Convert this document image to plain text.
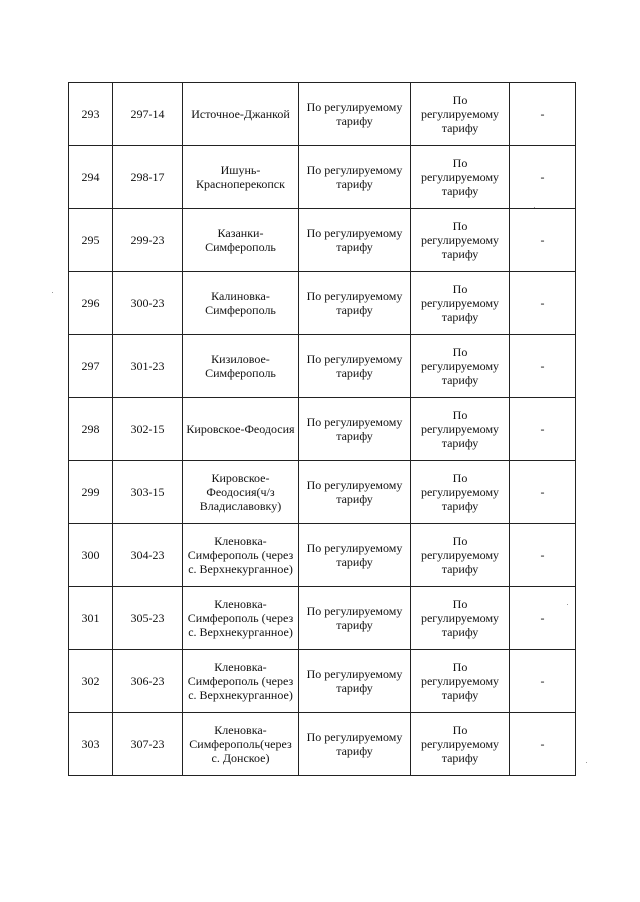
293	297-14	Источное-Джанкой	По регулируемому тарифу	По регулируемому тарифу	-
294	298-17	Ишунь-Красноперекопск	По регулируемому тарифу	По регулируемому тарифу	-
295	299-23	Казанки-Симферополь	По регулируемому тарифу	По регулируемому тарифу	-
296	300-23	Калиновка-Симферополь	По регулируемому тарифу	По регулируемому тарифу	-
297	301-23	Кизиловое-Симферополь	По регулируемому тарифу	По регулируемому тарифу	-
298	302-15	Кировское-Феодосия	По регулируемому тарифу	По регулируемому тарифу	-
299	303-15	Кировское-Феодосия(ч/з Владиславовку)	По регулируемому тарифу	По регулируемому тарифу	-
300	304-23	Кленовка-Симферополь (через с. Верхнекурганное)	По регулируемому тарифу	По регулируемому тарифу	-
301	305-23	Кленовка-Симферополь (через с. Верхнекурганное)	По регулируемому тарифу	По регулируемому тарифу	-
302	306-23	Кленовка-Симферополь (через с. Верхнекурганное)	По регулируемому тарифу	По регулируемому тарифу	-
303	307-23	Кленовка-Симферополь(через с. Донское)	По регулируемому тарифу	По регулируемому тарифу	-
